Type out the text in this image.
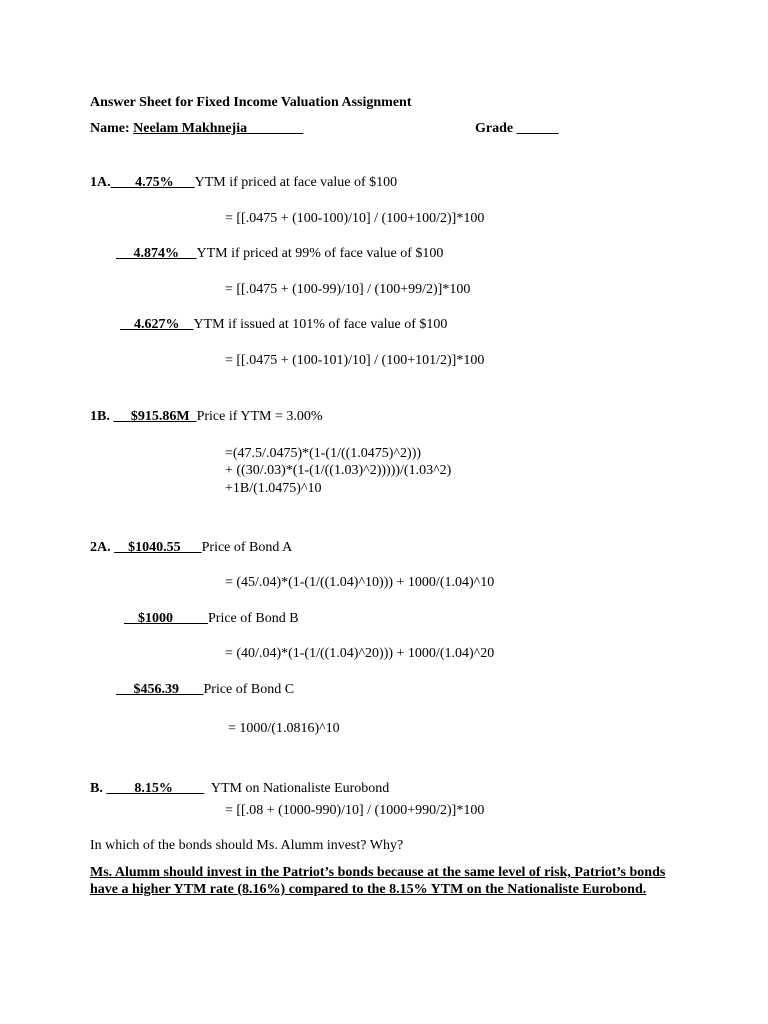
Answer Sheet for Fixed Income Valuation Assignment
Name: Neelam Makhnejia________	Grade ______
1A.       4.75%      YTM if priced at face value of $100
= [[.0475 + (100-100)/10] / (100+100/2)]*100
4.874%     YTM if priced at 99% of face value of $100
= [[.0475 + (100-99)/10] / (100+99/2)]*100
4.627%    YTM if issued at 101% of face value of $100
= [[.0475 + (100-101)/10] / (100+101/2)]*100
1B.      $915.86M  Price if YTM = 3.00%
=(47.5/.0475)*(1-(1/((1.0475)^2)))
+ ((30/.03)*(1-(1/((1.03)^2)))))/(1.03^2)
+1B/(1.0475)^10
2A.     $1040.55      Price of Bond A
= (45/.04)*(1-(1/((1.04)^10))) + 1000/(1.04)^10
$1000          Price of Bond B
= (40/.04)*(1-(1/((1.04)^20))) + 1000/(1.04)^20
$456.39       Price of Bond C
= 1000/(1.0816)^10
B.         8.15%           YTM on Nationaliste Eurobond
= [[.08 + (1000-990)/10] / (1000+990/2)]*100
In which of the bonds should Ms. Alumm invest? Why?
Ms. Alumm should invest in the Patriot’s bonds because at the same level of risk, Patriot’s bonds have a higher YTM rate (8.16%) compared to the 8.15% YTM on the Nationaliste Eurobond.
